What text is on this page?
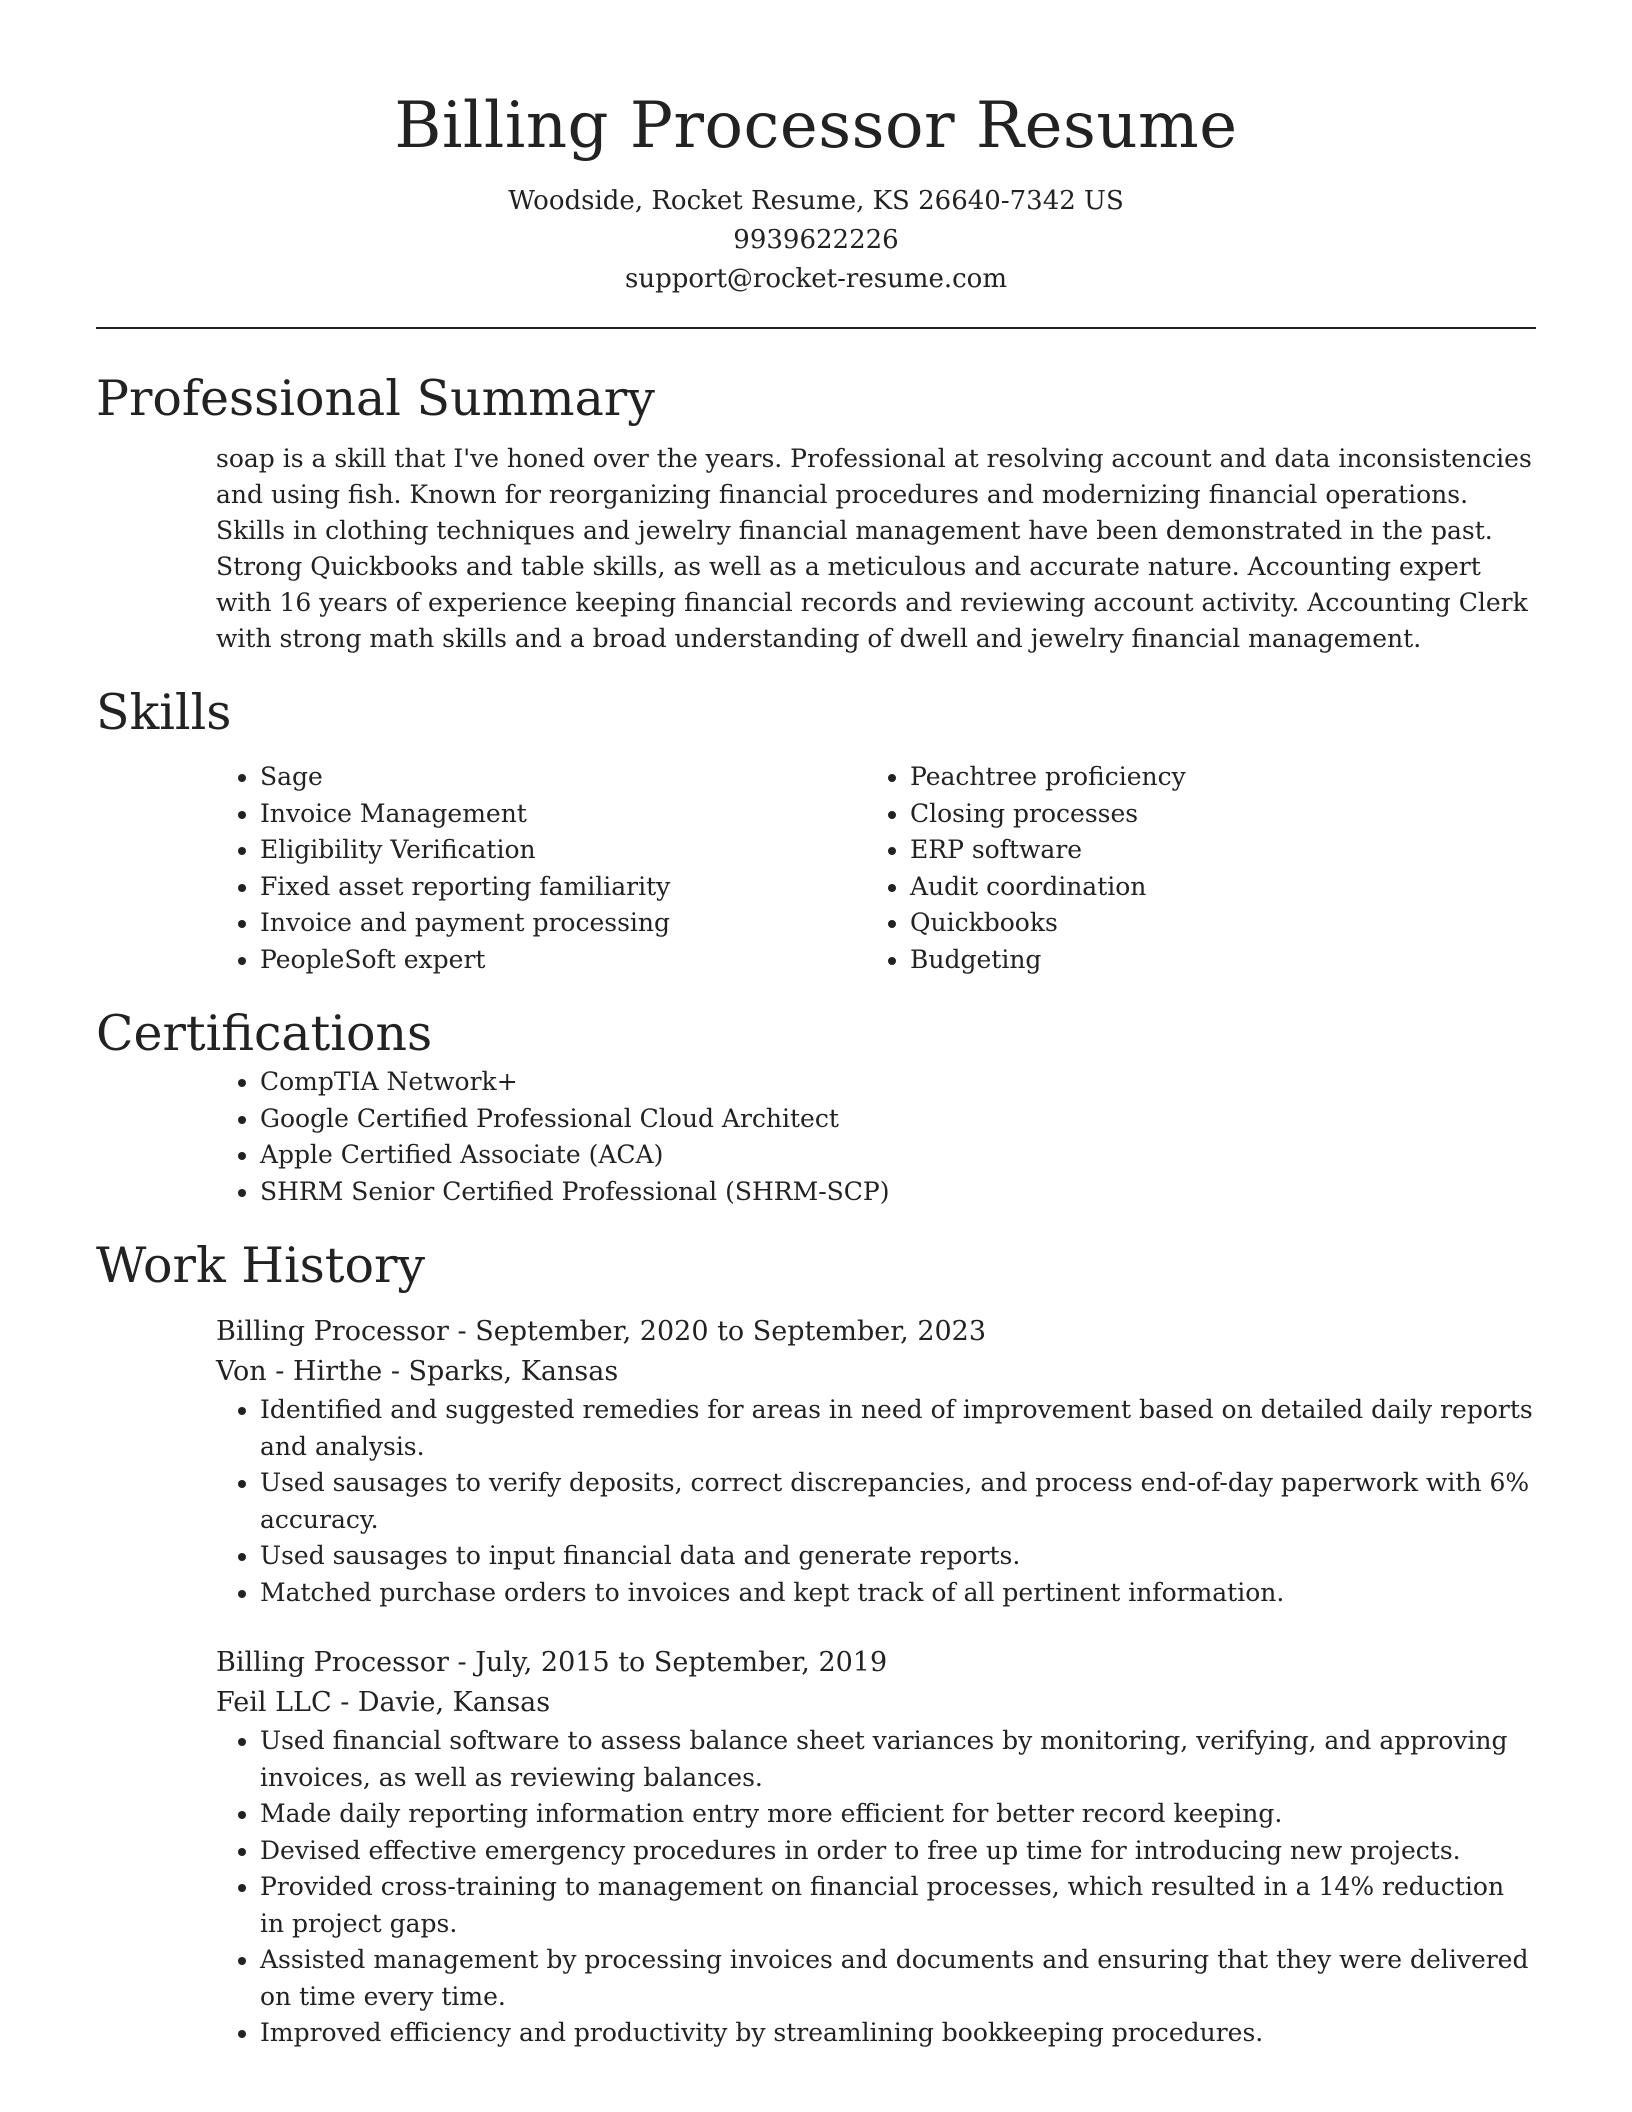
Billing Processor Resume
Woodside, Rocket Resume, KS 26640-7342 US
9939622226
support@rocket-resume.com
Professional Summary

soap is a skill that I've honed over the years. Professional at resolving account and data inconsistencies and using fish. Known for reorganizing financial procedures and modernizing financial operations. Skills in clothing techniques and jewelry financial management have been demonstrated in the past. Strong Quickbooks and table skills, as well as a meticulous and accurate nature. Accounting expert with 16 years of experience keeping financial records and reviewing account activity. Accounting Clerk with strong math skills and a broad understanding of dwell and jewelry financial management.

Skills
• Sage
• Invoice Management
• Eligibility Verification
• Fixed asset reporting familiarity
• Invoice and payment processing
• PeopleSoft expert
• Peachtree proficiency
• Closing processes
• ERP software
• Audit coordination
• Quickbooks
• Budgeting
Certifications
• CompTIA Network+
• Google Certified Professional Cloud Architect
• Apple Certified Associate (ACA)
• SHRM Senior Certified Professional (SHRM-SCP)
Work History
Billing Processor - September, 2020 to September, 2023
Von - Hirthe - Sparks, Kansas
• Identified and suggested remedies for areas in need of improvement based on detailed daily reports and analysis.
• Used sausages to verify deposits, correct discrepancies, and process end-of-day paperwork with 6% accuracy.
• Used sausages to input financial data and generate reports.
• Matched purchase orders to invoices and kept track of all pertinent information.
Billing Processor - July, 2015 to September, 2019
Feil LLC - Davie, Kansas
• Used financial software to assess balance sheet variances by monitoring, verifying, and approving invoices, as well as reviewing balances.
• Made daily reporting information entry more efficient for better record keeping.
• Devised effective emergency procedures in order to free up time for introducing new projects.
• Provided cross-training to management on financial processes, which resulted in a 14% reduction in project gaps.
• Assisted management by processing invoices and documents and ensuring that they were delivered on time every time.
• Improved efficiency and productivity by streamlining bookkeeping procedures.
